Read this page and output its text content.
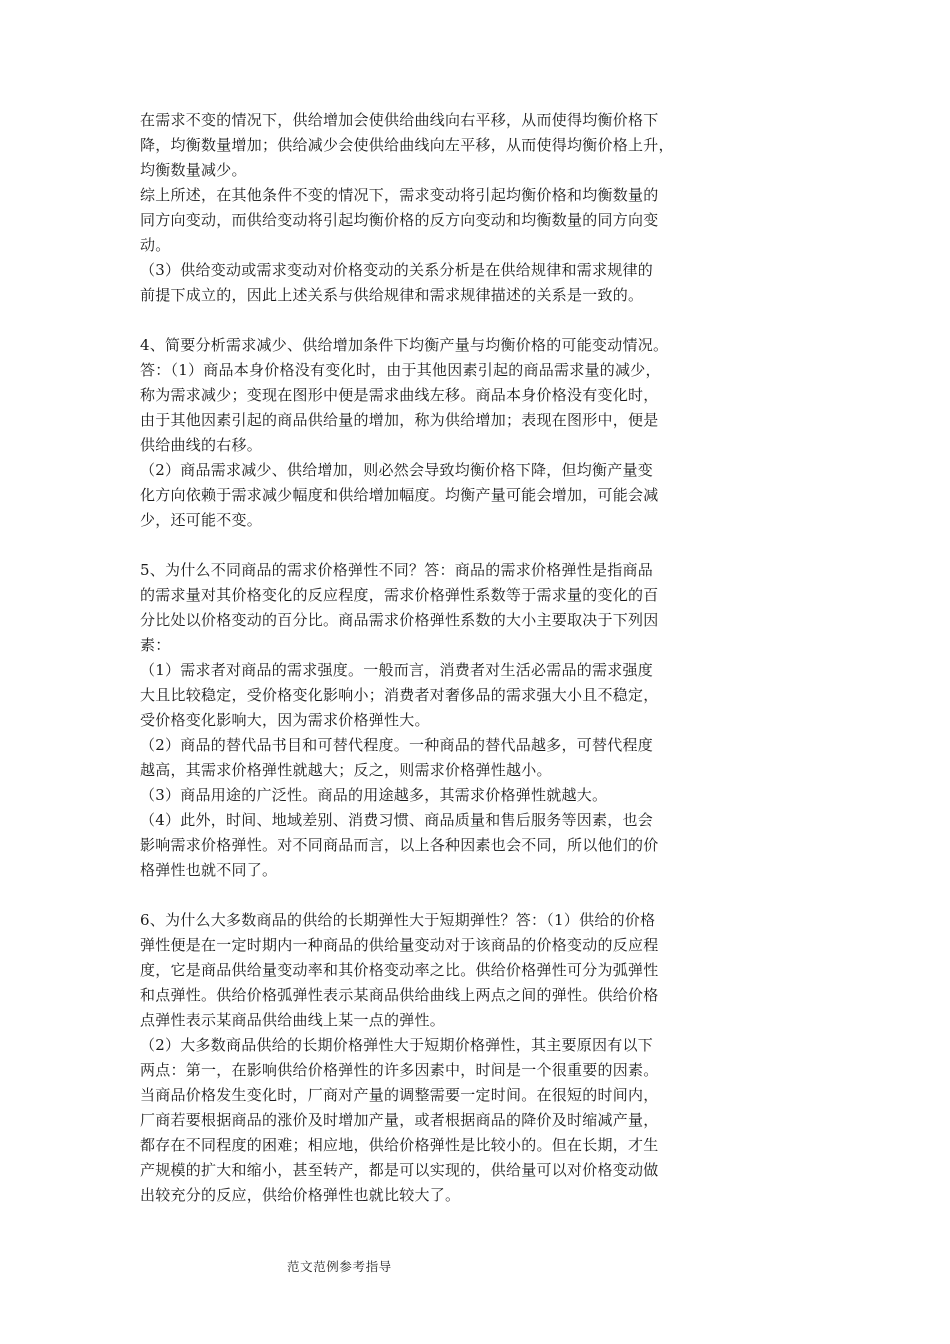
在需求不变的情况下，供给增加会使供给曲线向右平移，从而使得均衡价格下
降，均衡数量增加；供给减少会使供给曲线向左平移，从而使得均衡价格上升，
均衡数量减少。
综上所述，在其他条件不变的情况下，需求变动将引起均衡价格和均衡数量的
同方向变动，而供给变动将引起均衡价格的反方向变动和均衡数量的同方向变
动。
（3）供给变动或需求变动对价格变动的关系分析是在供给规律和需求规律的
前提下成立的，因此上述关系与供给规律和需求规律描述的关系是一致的。
4、简要分析需求减少、供给增加条件下均衡产量与均衡价格的可能变动情况。
答：（1）商品本身价格没有变化时，由于其他因素引起的商品需求量的减少，
称为需求减少；变现在图形中便是需求曲线左移。商品本身价格没有变化时，
由于其他因素引起的商品供给量的增加，称为供给增加；表现在图形中，便是
供给曲线的右移。
（2）商品需求减少、供给增加，则必然会导致均衡价格下降，但均衡产量变
化方向依赖于需求减少幅度和供给增加幅度。均衡产量可能会增加，可能会减
少，还可能不变。
5、为什么不同商品的需求价格弹性不同？答：商品的需求价格弹性是指商品
的需求量对其价格变化的反应程度，需求价格弹性系数等于需求量的变化的百
分比处以价格变动的百分比。商品需求价格弹性系数的大小主要取决于下列因
素：
（1）需求者对商品的需求强度。一般而言，消费者对生活必需品的需求强度
大且比较稳定，受价格变化影响小；消费者对奢侈品的需求强大小且不稳定，
受价格变化影响大，因为需求价格弹性大。
（2）商品的替代品书目和可替代程度。一种商品的替代品越多，可替代程度
越高，其需求价格弹性就越大；反之，则需求价格弹性越小。
（3）商品用途的广泛性。商品的用途越多，其需求价格弹性就越大。
（4）此外，时间、地域差别、消费习惯、商品质量和售后服务等因素，也会
影响需求价格弹性。对不同商品而言，以上各种因素也会不同，所以他们的价
格弹性也就不同了。
6、为什么大多数商品的供给的长期弹性大于短期弹性？答：（1）供给的价格
弹性便是在一定时期内一种商品的供给量变动对于该商品的价格变动的反应程
度，它是商品供给量变动率和其价格变动率之比。供给价格弹性可分为弧弹性
和点弹性。供给价格弧弹性表示某商品供给曲线上两点之间的弹性。供给价格
点弹性表示某商品供给曲线上某一点的弹性。
（2）大多数商品供给的长期价格弹性大于短期价格弹性，其主要原因有以下
两点：第一，在影响供给价格弹性的许多因素中，时间是一个很重要的因素。
当商品价格发生变化时，厂商对产量的调整需要一定时间。在很短的时间内，
厂商若要根据商品的涨价及时增加产量，或者根据商品的降价及时缩减产量，
都存在不同程度的困难；相应地，供给价格弹性是比较小的。但在长期，才生
产规模的扩大和缩小，甚至转产，都是可以实现的，供给量可以对价格变动做
出较充分的反应，供给价格弹性也就比较大了。
范文范例参考指导
